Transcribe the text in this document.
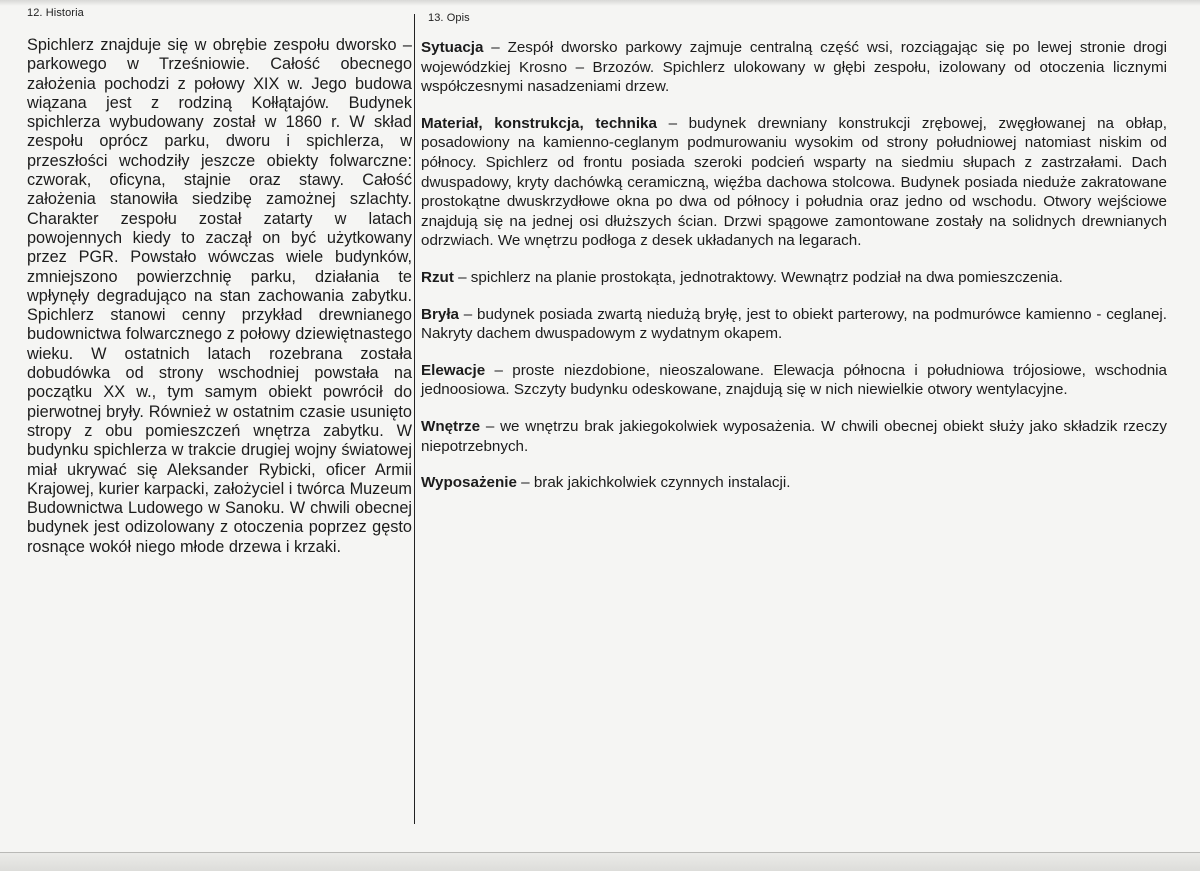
12. Historia	13. Opis

Spichlerz znajduje się w obrębie zespołu dworsko – parkowego w Trześniowie. Całość obecnego założenia pochodzi z połowy XIX w. Jego budowa wiązana jest z rodziną Kołłątajów. Budynek spichlerza wybudowany został w 1860 r. W skład zespołu oprócz parku, dworu i spichlerza, w przeszłości wchodziły jeszcze obiekty folwarczne: czworak, oficyna, stajnie oraz stawy. Całość założenia stanowiła siedzibę zamożnej szlachty. Charakter zespołu został zatarty w latach powojennych kiedy to zaczął on być użytkowany przez PGR. Powstało wówczas wiele budynków, zmniejszono powierzchnię parku, działania te wpłynęły degradująco na stan zachowania zabytku. Spichlerz stanowi cenny przykład drewnianego budownictwa folwarcznego z połowy dziewiętnastego wieku. W ostatnich latach rozebrana została dobudówka od strony wschodniej powstała na początku XX w., tym samym obiekt powrócił do pierwotnej bryły. Również w ostatnim czasie usunięto stropy z obu pomieszczeń wnętrza zabytku. W budynku spichlerza w trakcie drugiej wojny światowej miał ukrywać się Aleksander Rybicki, oficer Armii Krajowej, kurier karpacki, założyciel i twórca Muzeum Budownictwa Ludowego w Sanoku. W chwili obecnej budynek jest odizolowany z otoczenia poprzez gęsto rosnące wokół niego młode drzewa i krzaki.

Sytuacja – Zespół dworsko parkowy zajmuje centralną część wsi, rozciągając się po lewej stronie drogi wojewódzkiej Krosno – Brzozów. Spichlerz ulokowany w głębi zespołu, izolowany od otoczenia licznymi współczesnymi nasadzeniami drzew.

Materiał, konstrukcja, technika – budynek drewniany konstrukcji zrębowej, zwęgłowanej na obłap, posadowiony na kamienno-ceglanym podmurowaniu wysokim od strony południowej natomiast niskim od północy. Spichlerz od frontu posiada szeroki podcień wsparty na siedmiu słupach z zastrzałami. Dach dwuspadowy, kryty dachówką ceramiczną, więźba dachowa stolcowa. Budynek posiada nieduże zakratowane prostokątne dwuskrzydłowe okna po dwa od północy i południa oraz jedno od wschodu. Otwory wejściowe znajdują się na jednej osi dłuższych ścian. Drzwi spągowe zamontowane zostały na solidnych drewnianych odrzwiach. We wnętrzu podłoga z desek układanych na legarach.

Rzut – spichlerz na planie prostokąta, jednotraktowy. Wewnątrz podział na dwa pomieszczenia.

Bryła – budynek posiada zwartą niedużą bryłę, jest to obiekt parterowy, na podmurówce kamienno - ceglanej. Nakryty dachem dwuspadowym z wydatnym okapem.

Elewacje – proste niezdobione, nieoszalowane. Elewacja północna i południowa trójosiowe, wschodnia jednoosiowa. Szczyty budynku odeskowane, znajdują się w nich niewielkie otwory wentylacyjne.

Wnętrze – we wnętrzu brak jakiegokolwiek wyposażenia. W chwili obecnej obiekt służy jako składzik rzeczy niepotrzebnych.

Wyposażenie – brak jakichkolwiek czynnych instalacji.
